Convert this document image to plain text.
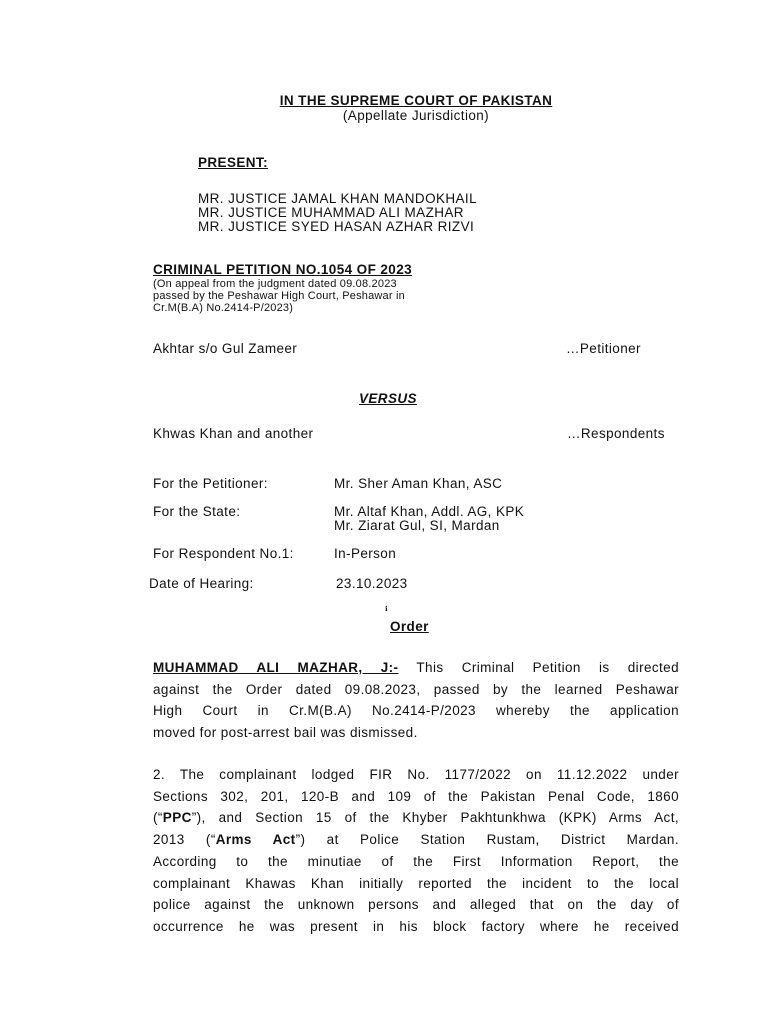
IN THE SUPREME COURT OF PAKISTAN
(Appellate Jurisdiction)
PRESENT:
MR. JUSTICE JAMAL KHAN MANDOKHAIL
MR. JUSTICE MUHAMMAD ALI MAZHAR
MR. JUSTICE SYED HASAN AZHAR RIZVI
CRIMINAL PETITION NO.1054 OF 2023
(On appeal from the judgment dated 09.08.2023
passed by the Peshawar High Court, Peshawar in
Cr.M(B.A) No.2414-P/2023)
Akhtar s/o Gul Zameer	…Petitioner
VERSUS
Khwas Khan and another	…Respondents
For the Petitioner:	Mr. Sher Aman Khan, ASC
For the State:	Mr. Altaf Khan, Addl. AG, KPK
Mr. Ziarat Gul, SI, Mardan
For Respondent No.1:	In-Person
Date of Hearing:	23.10.2023
ℹ
Order
MUHAMMAD ALI MAZHAR, J:- This Criminal Petition is directed
against the Order dated 09.08.2023, passed by the learned Peshawar
High Court in Cr.M(B.A) No.2414-P/2023 whereby the application
moved for post-arrest bail was dismissed.
2. The complainant lodged FIR No. 1177/2022 on 11.12.2022 under
Sections 302, 201, 120-B and 109 of the Pakistan Penal Code, 1860
(“PPC”), and Section 15 of the Khyber Pakhtunkhwa (KPK) Arms Act,
2013 (“Arms Act”) at Police Station Rustam, District Mardan.
According to the minutiae of the First Information Report, the
complainant Khawas Khan initially reported the incident to the local
police against the unknown persons and alleged that on the day of
occurrence he was present in his block factory where he received
